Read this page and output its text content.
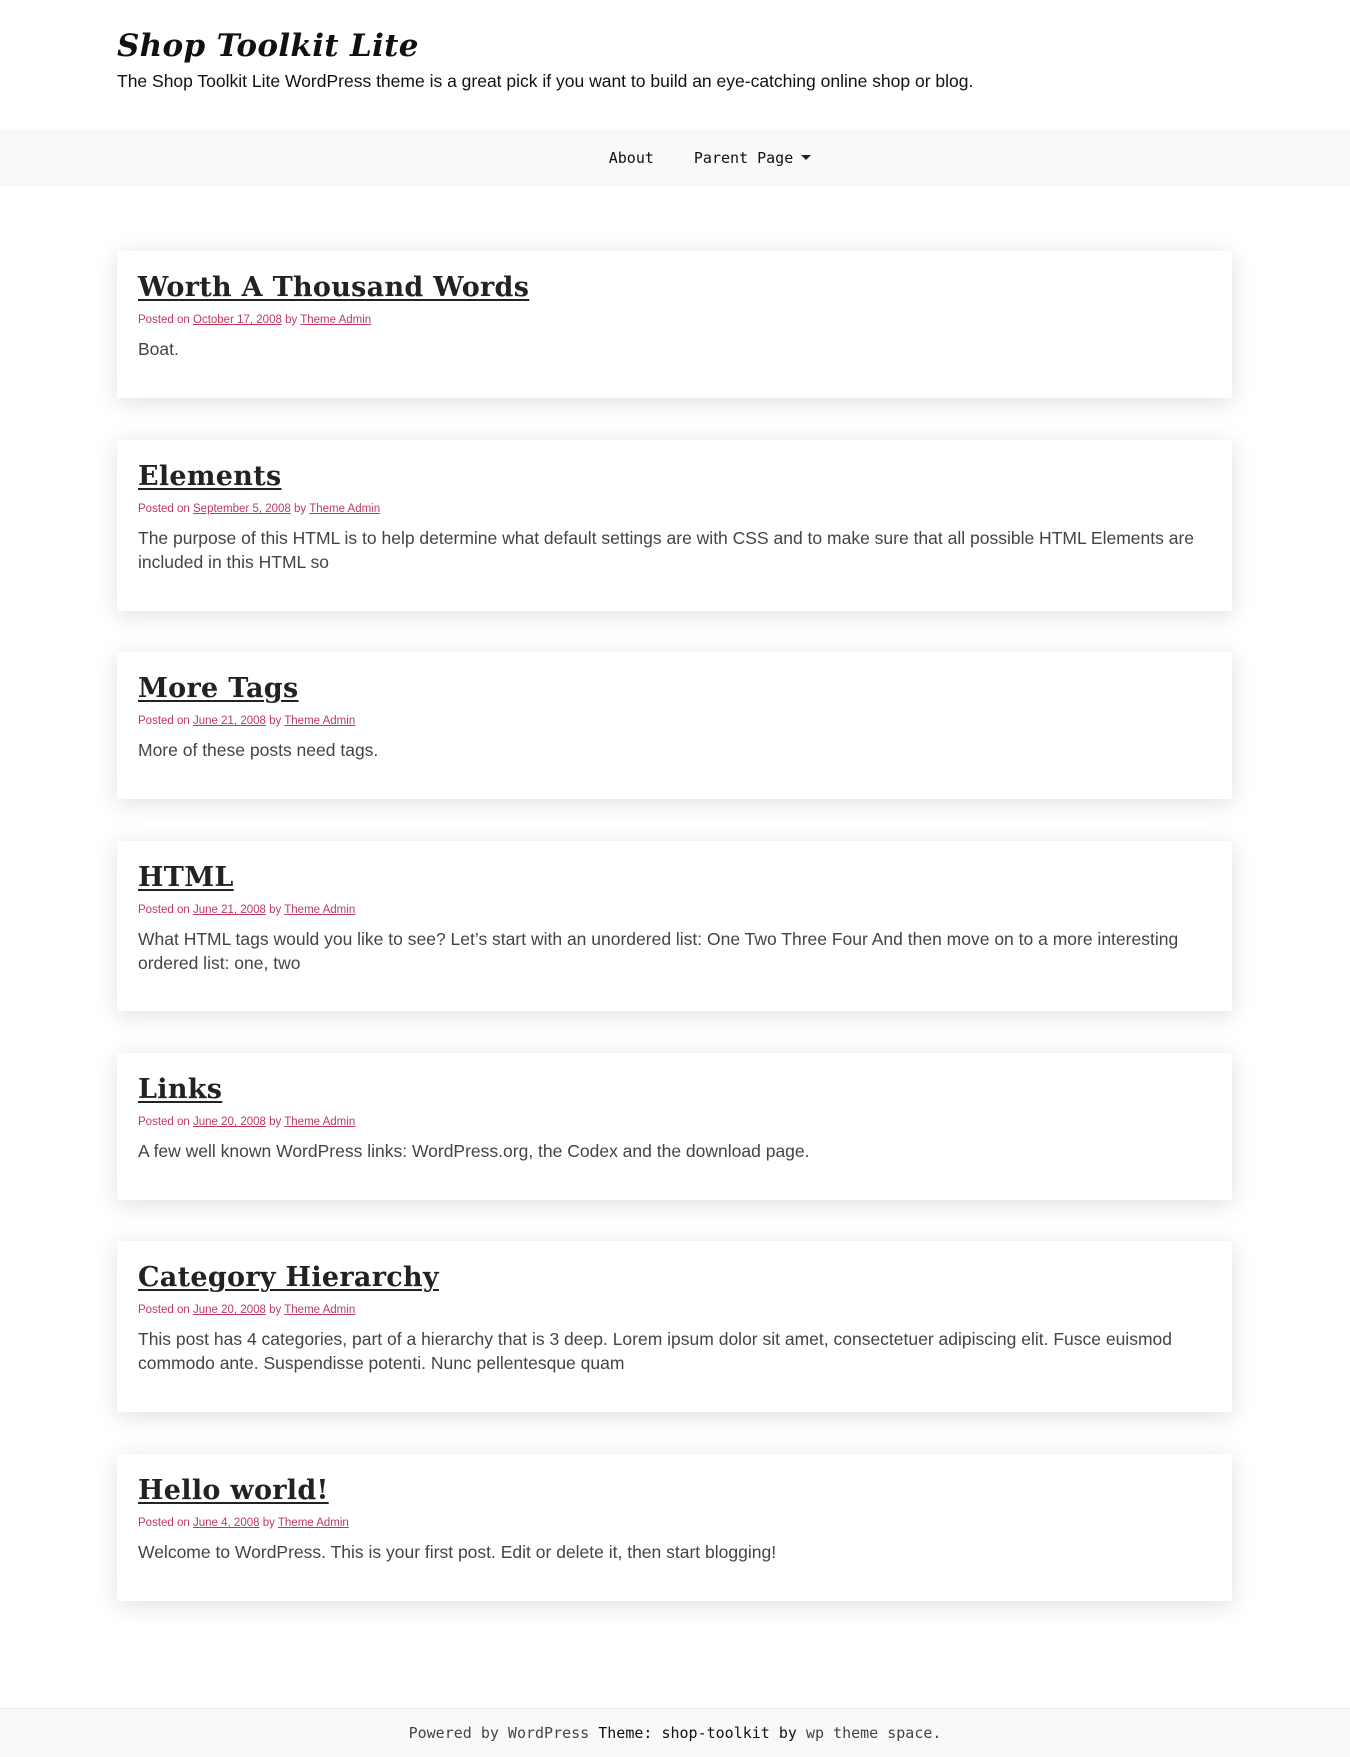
Shop Toolkit Lite
The Shop Toolkit Lite WordPress theme is a great pick if you want to build an eye-catching online shop or blog.
About	Parent Page
Worth A Thousand Words
Posted on October 17, 2008 by Theme Admin
Boat.
Elements
Posted on September 5, 2008 by Theme Admin
The purpose of this HTML is to help determine what default settings are with CSS and to make sure that all possible HTML Elements are included in this HTML so
More Tags
Posted on June 21, 2008 by Theme Admin
More of these posts need tags.
HTML
Posted on June 21, 2008 by Theme Admin
What HTML tags would you like to see? Let’s start with an unordered list: One Two Three Four And then move on to a more interesting ordered list: one, two
Links
Posted on June 20, 2008 by Theme Admin
A few well known WordPress links: WordPress.org, the Codex and the download page.
Category Hierarchy
Posted on June 20, 2008 by Theme Admin
This post has 4 categories, part of a hierarchy that is 3 deep. Lorem ipsum dolor sit amet, consectetuer adipiscing elit. Fusce euismod commodo ante. Suspendisse potenti. Nunc pellentesque quam
Hello world!
Posted on June 4, 2008 by Theme Admin
Welcome to WordPress. This is your first post. Edit or delete it, then start blogging!
Powered by WordPress
Theme: shop-toolkit
by
wp theme space .
